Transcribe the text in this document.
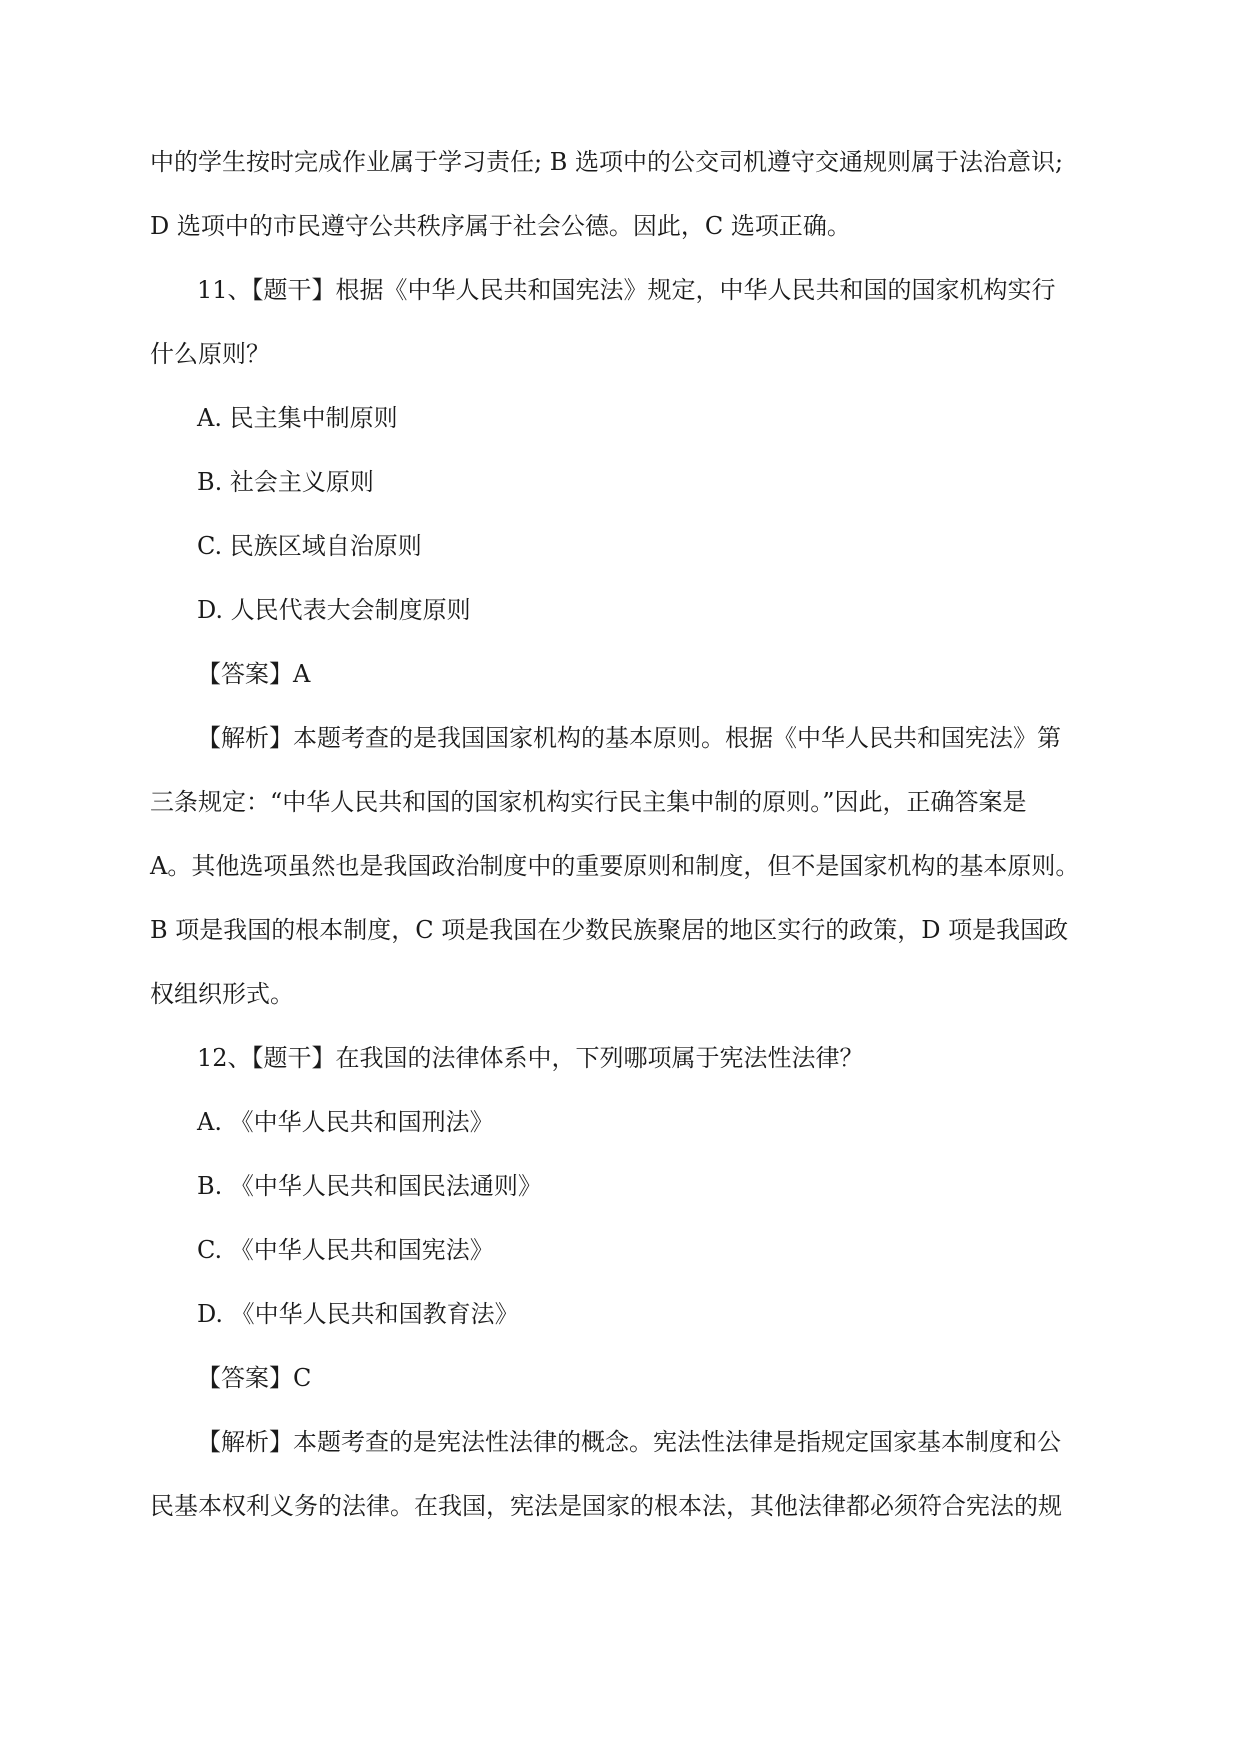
中的学生按时完成作业属于学习责任; B 选项中的公交司机遵守交通规则属于法治意识;
D 选项中的市民遵守公共秩序属于社会公德。因此，C 选项正确。
11、【题干】根据《中华人民共和国宪法》规定，中华人民共和国的国家机构实行
什么原则？
A. 民主集中制原则
B. 社会主义原则
C. 民族区域自治原则
D. 人民代表大会制度原则
【答案】A
【解析】本题考查的是我国国家机构的基本原则。根据《中华人民共和国宪法》第
三条规定：“中华人民共和国的国家机构实行民主集中制的原则。”因此，正确答案是
A。其他选项虽然也是我国政治制度中的重要原则和制度，但不是国家机构的基本原则。
B 项是我国的根本制度，C 项是我国在少数民族聚居的地区实行的政策，D 项是我国政
权组织形式。
12、【题干】在我国的法律体系中，下列哪项属于宪法性法律？
A. 《中华人民共和国刑法》
B. 《中华人民共和国民法通则》
C. 《中华人民共和国宪法》
D. 《中华人民共和国教育法》
【答案】C
【解析】本题考查的是宪法性法律的概念。宪法性法律是指规定国家基本制度和公
民基本权利义务的法律。在我国，宪法是国家的根本法，其他法律都必须符合宪法的规
